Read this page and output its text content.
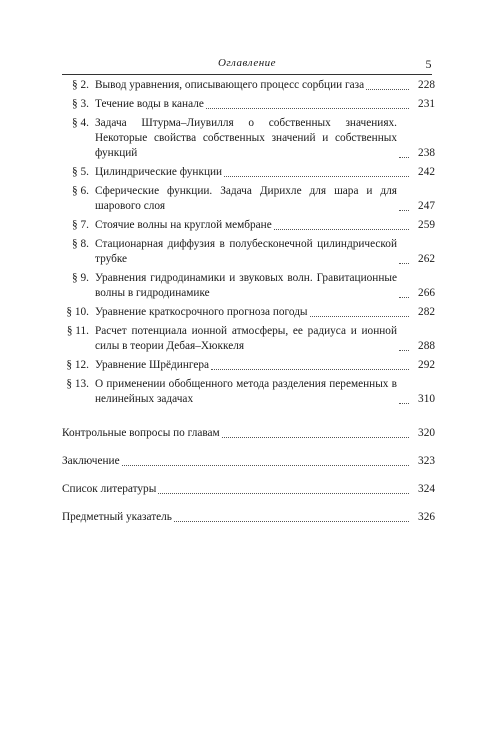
Оглавление	5
§ 2. Вывод уравнения, описывающего процесс сорбции газа	228
§ 3. Течение воды в канале	231
§ 4. Задача Штурма–Лиувилля о собственных значениях. Некоторые свойства собственных значений и собственных функций	238
§ 5. Цилиндрические функции	242
§ 6. Сферические функции. Задача Дирихле для шара и для шарового слоя	247
§ 7. Стоячие волны на круглой мембране	259
§ 8. Стационарная диффузия в полубесконечной цилиндрической трубке	262
§ 9. Уравнения гидродинамики и звуковых волн. Гравитационные волны в гидродинамике	266
§ 10. Уравнение краткосрочного прогноза погоды	282
§ 11. Расчет потенциала ионной атмосферы, ее радиуса и ионной силы в теории Дебая–Хюккеля	288
§ 12. Уравнение Шрёдингера	292
§ 13. О применении обобщенного метода разделения переменных в нелинейных задачах	310
Контрольные вопросы по главам	320
Заключение	323
Список литературы	324
Предметный указатель	326
